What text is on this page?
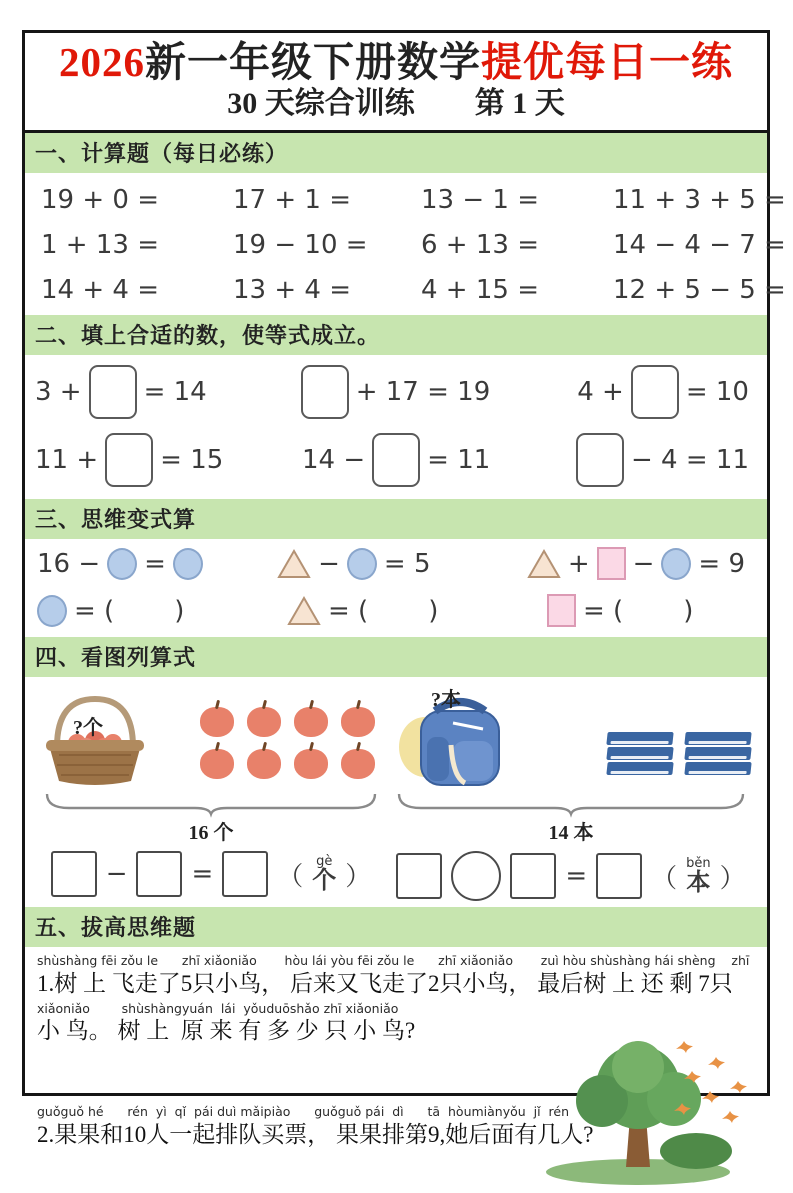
2026新一年级下册数学提优每日一练
30 天综合训练　　第 1 天
一、计算题（每日必练）
19 + 0 =	17 + 1 =	13 − 1 =	11 + 3 + 5 =
1 + 13 =	19 − 10 =	6 + 13 =	14 − 4 − 7 =
14 + 4 =	13 + 4 =	4 + 15 =	12 + 5 − 5 =
二、填上合适的数，使等式成立。
3 + = 14	+ 17 = 19	4 + = 10
11 + = 15	14 − = 11	− 4 = 11
三、思维变式算
16 − =	− = 5	+ − = 9
= ( )	= ( )	= ( )
四、看图列算式
?个
16 个
− = （ gè
个 ）
?本
14 本
= （ běn
本 ）
五、拔高思维题
shùshàng fēi zǒu le      zhī xiǎoniǎo       hòu lái yòu fēi zǒu le      zhī xiǎoniǎo       zuì hòu shùshàng hái shèng    zhī
1.树 上 飞走了5只小鸟， 后来又飞走了2只小鸟， 最后树 上 还 剩 7只
xiǎoniǎo        shùshàngyuán  lái  yǒuduōshǎo zhī xiǎoniǎo
小 鸟。 树 上  原 来 有 多 少 只 小 鸟?
guǒguǒ hé      rén  yì  qǐ  pái duì mǎipiào      guǒguǒ pái  dì      tā  hòumiànyǒu  jǐ  rén
2.果果和10人一起排队买票， 果果排第9,她后面有几人?
